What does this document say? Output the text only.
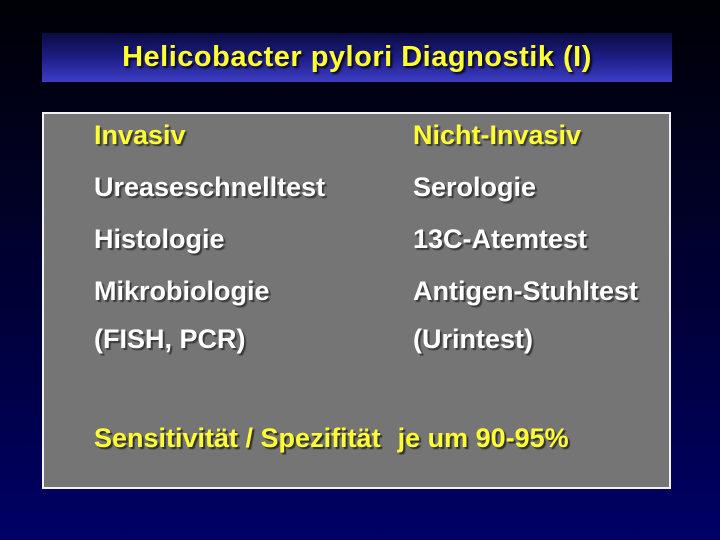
Helicobacter pylori Diagnostik (I)
Invasiv
Ureaseschnelltest
Histologie
Mikrobiologie
(FISH, PCR)
Nicht-Invasiv
Serologie
13C-Atemtest
Antigen-Stuhltest
(Urintest)
Sensitivität / Spezifität je um 90-95%
